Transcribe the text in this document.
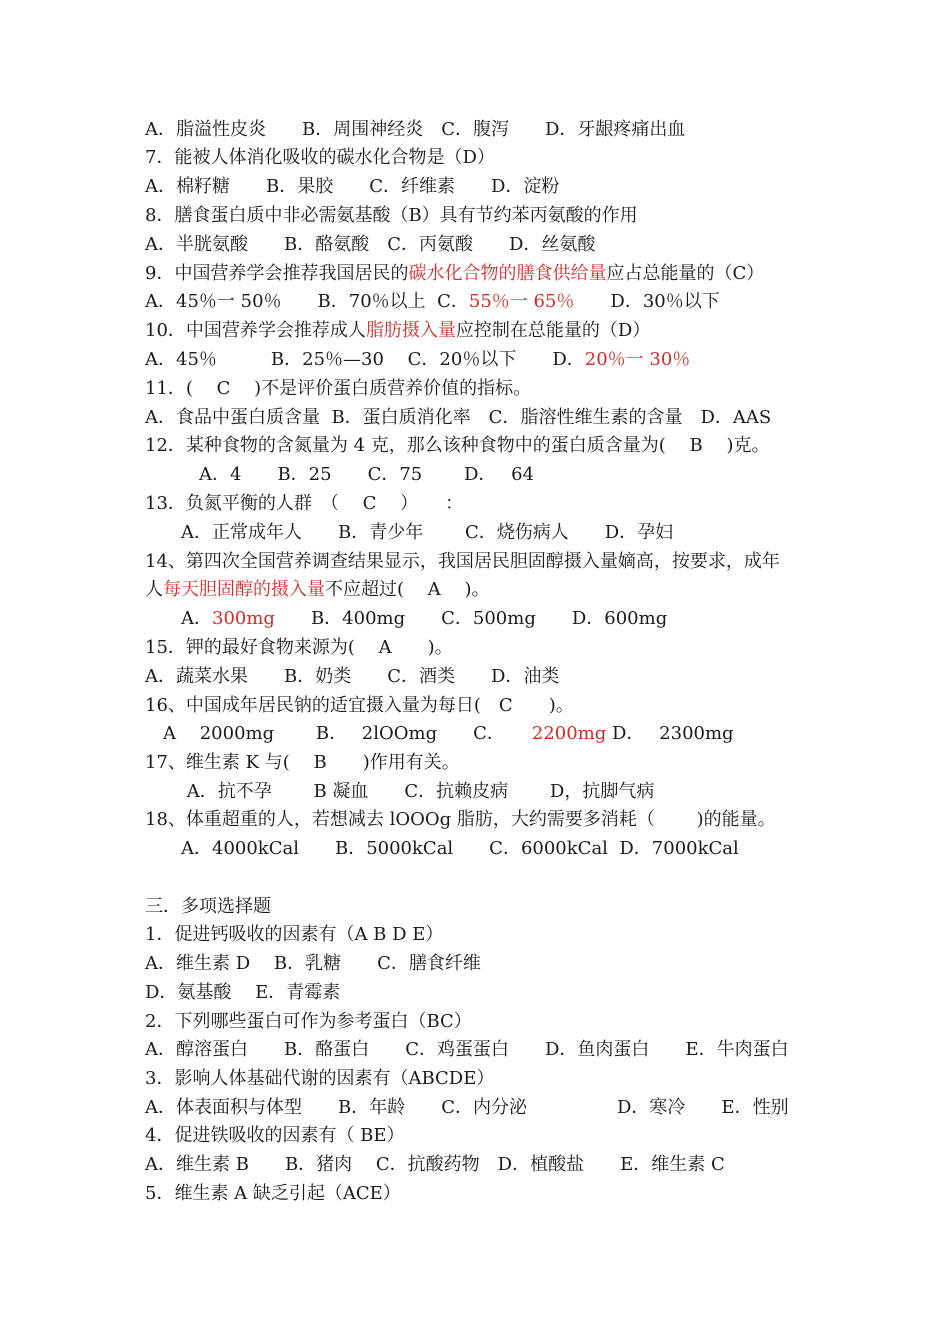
A．脂溢性皮炎　　B．周围神经炎　C．腹泻　　D．牙龈疼痛出血
7．能被人体消化吸收的碳水化合物是（D）
A．棉籽糖　　B．果胶　　C．纤维素　　D．淀粉
8．膳食蛋白质中非必需氨基酸（B）具有节约苯丙氨酸的作用
A．半胱氨酸　　B．酪氨酸　C．丙氨酸　　D．丝氨酸
9．中国营养学会推荐我国居民的碳水化合物的膳食供给量应占总能量的（C）
A．45％一 50％　　B．70％以上  C．55％一 65％　　D．30％以下
10．中国营养学会推荐成人脂肪摄入量应控制在总能量的（D）
A．45％　　　B．25％—30　 C．20％以下　　D．20％一 30％
11．(　 C　 )不是评价蛋白质营养价值的指标。
A．食品中蛋白质含量  B．蛋白质消化率　C．脂溶性维生素的含量　D．AAS
12．某种食物的含氮量为 4 克，那么该种食物中的蛋白质含量为(　 B　 )克。
　　　A．4　　B．25　　C．75　　 D．　 64
13．负氮平衡的人群　（　 C　 ）　　：
　　A．正常成年人　　B．青少年　　 C．烧伤病人　　D．孕妇
14、第四次全国营养调查结果显示，我国居民胆固醇摄入量嫡高，按要求，成年
人每天胆固醇的摄入量不应超过(　 A　 )。
　　A．300mg　　B．400mg　　C．500mg　　D．600mg
15．钾的最好食物来源为(　 A　　)。
A．蔬菜水果　　B．奶类　　C．酒类　　D．油类
16、中国成年居民钠的适宜摄入量为每日(　C　　)。
　A　 2000mg　　 B．　 2lOOmg　　C．　　2200mg D．　 2300mg
17、维生素 K 与(　 B　　)作用有关。
　　 A．抗不孕　　 B 凝血　　C．抗赖皮病　　 D，抗脚气病
18、体重超重的人，若想减去 lOOOg 脂肪，大约需要多消耗（　　 )的能量。
　　A．4000kCal　　B．5000kCal　　C．6000kCal  D．7000kCal
三．多项选择题
1．促进钙吸收的因素有（A B D E）
A．维生素 D　 B．乳糖　　C．膳食纤维
D．氨基酸　 E．青霉素
2．下列哪些蛋白可作为参考蛋白（BC）
A．醇溶蛋白　　B．酪蛋白　　C．鸡蛋蛋白　　D．鱼肉蛋白　　E．牛肉蛋白
3．影响人体基础代谢的因素有（ABCDE）
A．体表面积与体型　　B．年龄　　C．内分泌　　　　　D．寒冷　　E．性别
4．促进铁吸收的因素有（ BE）
A．维生素 B　　B．猪肉　 C．抗酸药物　D．植酸盐　　E．维生素 C
5．维生素 A 缺乏引起（ACE）
